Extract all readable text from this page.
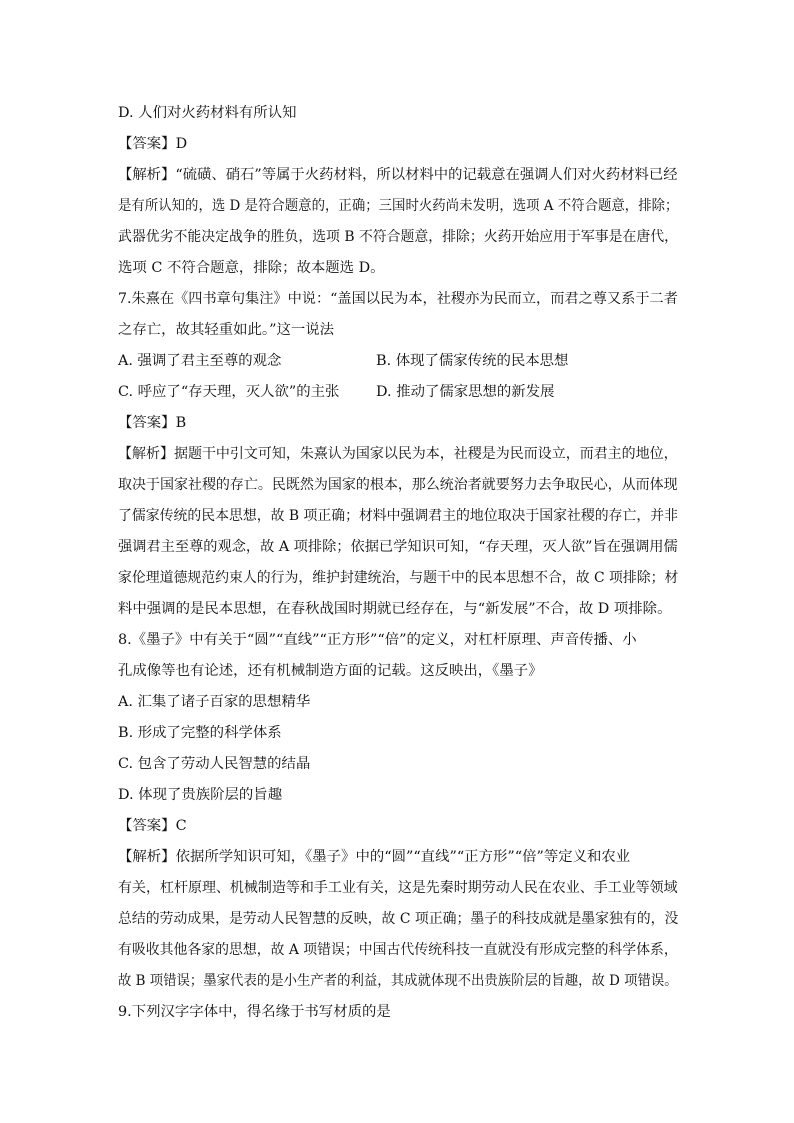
D. 人们对火药材料有所认知
【答案】D
【解析】“硫磺、硝石”等属于火药材料，所以材料中的记载意在强调人们对火药材料已经
是有所认知的，选 D 是符合题意的，正确；三国时火药尚未发明，选项 A 不符合题意，排除；
武器优劣不能决定战争的胜负，选项 B 不符合题意，排除；火药开始应用于军事是在唐代，
选项 C 不符合题意，排除；故本题选 D。
7.朱熹在《四书章句集注》中说：“盖国以民为本，社稷亦为民而立，而君之尊又系于二者
之存亡，故其轻重如此。”这一说法
A. 强调了君主至尊的观念	B. 体现了儒家传统的民本思想
C. 呼应了“存天理，灭人欲”的主张	D. 推动了儒家思想的新发展
【答案】B
【解析】据题干中引文可知，朱熹认为国家以民为本，社稷是为民而设立，而君主的地位，
取决于国家社稷的存亡。民既然为国家的根本，那么统治者就要努力去争取民心，从而体现
了儒家传统的民本思想，故 B 项正确；材料中强调君主的地位取决于国家社稷的存亡，并非
强调君主至尊的观念，故 A 项排除；依据已学知识可知，“存天理，灭人欲”旨在强调用儒
家伦理道德规范约束人的行为，维护封建统治，与题干中的民本思想不合，故 C 项排除；材
料中强调的是民本思想，在春秋战国时期就已经存在，与“新发展”不合，故 D 项排除。
8.《墨子》中有关于“圆”“直线”“正方形”“倍”的定义，对杠杆原理、声音传播、小
孔成像等也有论述，还有机械制造方面的记载。这反映出，《墨子》
A. 汇集了诸子百家的思想精华
B. 形成了完整的科学体系
C. 包含了劳动人民智慧的结晶
D. 体现了贵族阶层的旨趣
【答案】C
【解析】依据所学知识可知，《墨子》中的“圆”“直线”“正方形”“倍”等定义和农业
有关，杠杆原理、机械制造等和手工业有关，这是先秦时期劳动人民在农业、手工业等领域
总结的劳动成果，是劳动人民智慧的反映，故 C 项正确；墨子的科技成就是墨家独有的，没
有吸收其他各家的思想，故 A 项错误；中国古代传统科技一直就没有形成完整的科学体系，
故 B 项错误；墨家代表的是小生产者的利益，其成就体现不出贵族阶层的旨趣，故 D 项错误。
9.下列汉字字体中，得名缘于书写材质的是
